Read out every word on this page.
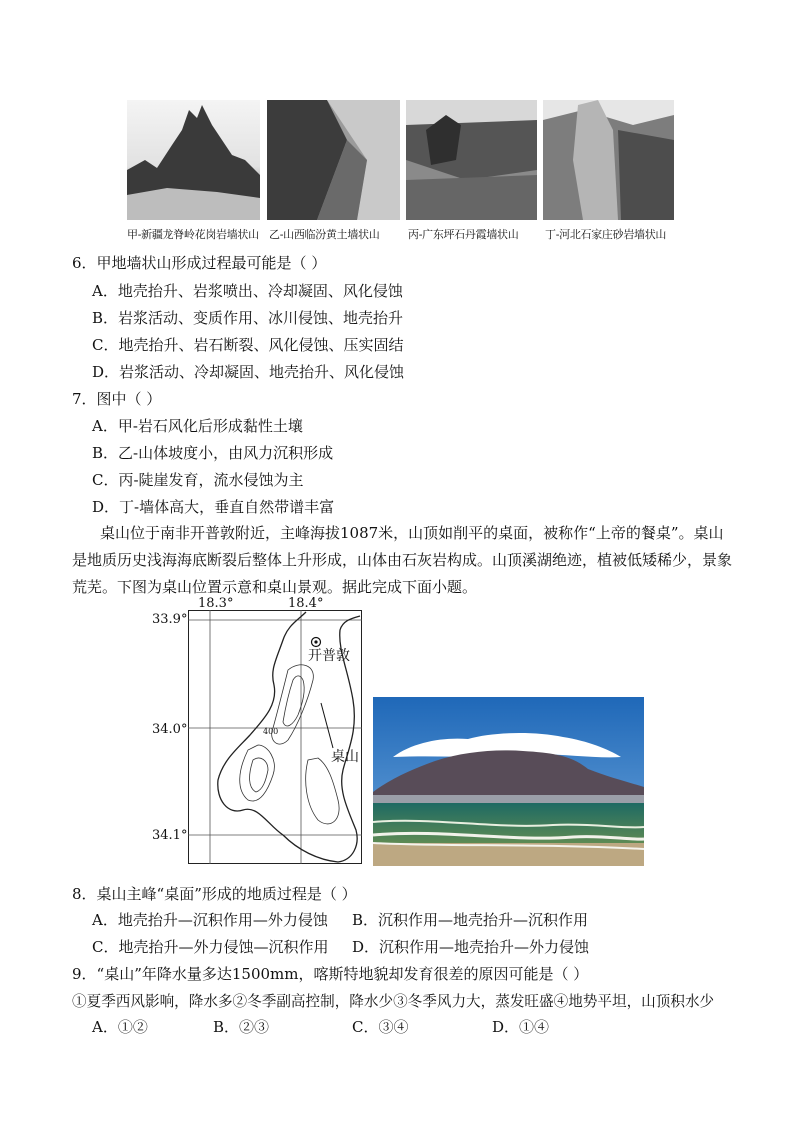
甲-新疆龙脊岭花岗岩墙状山 乙-山西临汾黄土墙状山	丙-广东坪石丹霞墙状山 丁-河北石家庄砂岩墙状山
6．甲地墙状山形成过程最可能是（ ）
A．地壳抬升、岩浆喷出、冷却凝固、风化侵蚀
B．岩浆活动、变质作用、冰川侵蚀、地壳抬升
C．地壳抬升、岩石断裂、风化侵蚀、压实固结
D．岩浆活动、冷却凝固、地壳抬升、风化侵蚀
7．图中（ ）
A．甲-岩石风化后形成黏性土壤
B．乙-山体坡度小，由风力沉积形成
C．丙-陡崖发育，流水侵蚀为主
D．丁-墙体高大，垂直自然带谱丰富
桌山位于南非开普敦附近，主峰海拔1087米，山顶如削平的桌面，被称作“上帝的餐桌”。桌山是地质历史浅海海底断裂后整体上升形成，山体由石灰岩构成。山顶溪湖绝迹，植被低矮稀少，景象荒芜。下图为桌山位置示意和桌山景观。据此完成下面小题。
18.3°	18.4°
33.9°
34.0°
34.1°
开普敦
桌山
400
8．桌山主峰“桌面”形成的地质过程是（ ）
A．地壳抬升—沉积作用—外力侵蚀 B．沉积作用—地壳抬升—沉积作用
C．地壳抬升—外力侵蚀—沉积作用 D．沉积作用—地壳抬升—外力侵蚀
9．“桌山”年降水量多达1500mm，喀斯特地貌却发育很差的原因可能是（ ）
①夏季西风影响，降水多②冬季副高控制，降水少③冬季风力大，蒸发旺盛④地势平坦，山顶积水少
A．①②	B．②③	C．③④	D．①④
